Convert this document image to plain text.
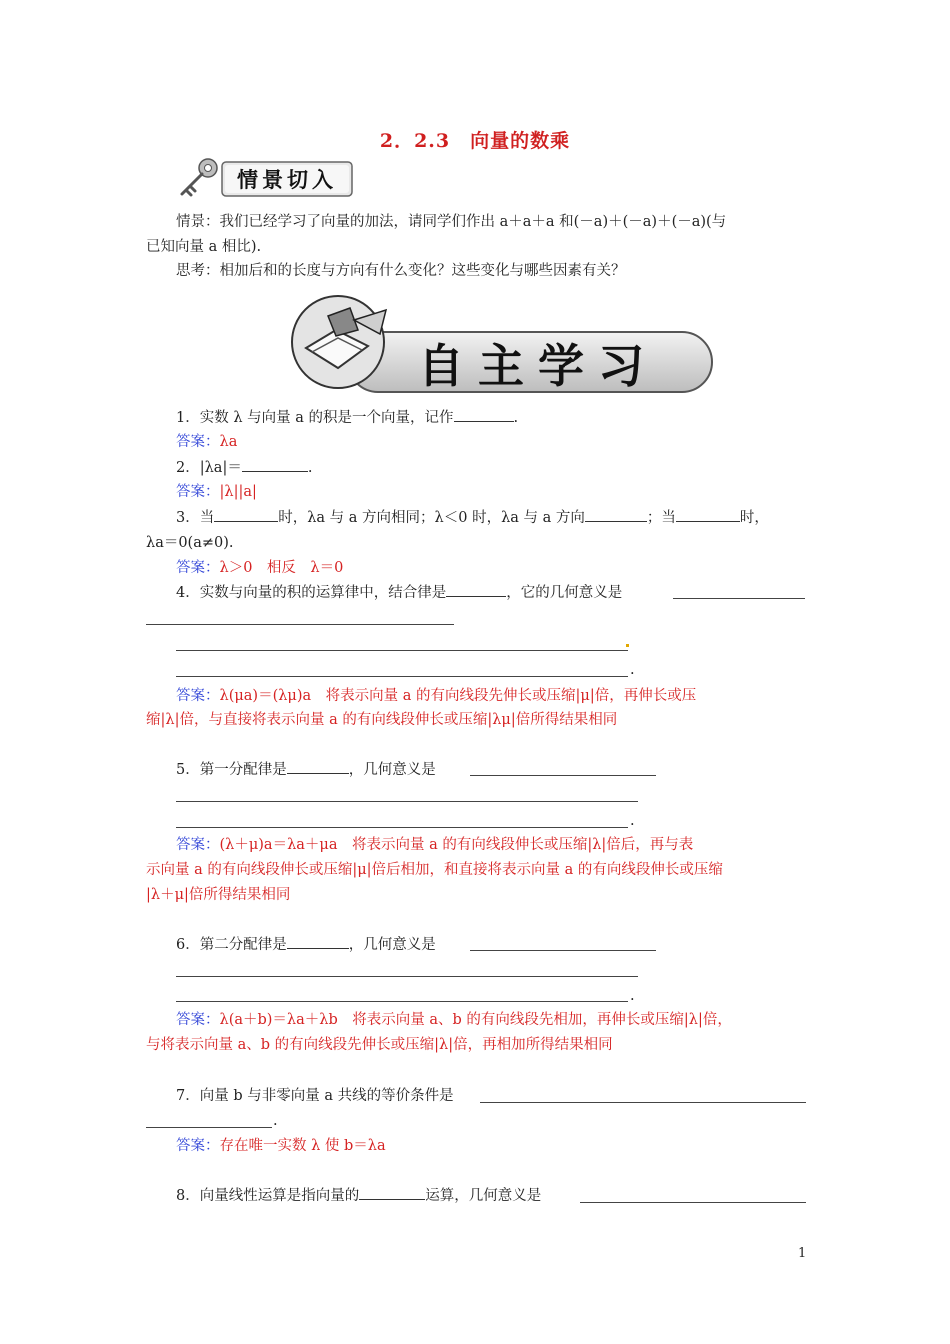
2．2.3　向量的数乘
情景切入
情景：我们已经学习了向量的加法，请同学们作出 a＋a＋a 和(－a)＋(－a)＋(－a)(与
已知向量 a 相比).
思考：相加后和的长度与方向有什么变化？这些变化与哪些因素有关？
自主学习
1．实数 λ 与向量 a 的积是一个向量，记作	.
答案：λa
2．|λa|＝	.
答案：|λ||a|
3．当	时，λa 与 a 方向相同；λ＜0 时，λa 与 a 方向	；当	时，
λa＝0(a≠0).
答案：λ＞0　相反　λ＝0
4．实数与向量的积的运算律中，结合律是	，它的几何意义是
.
答案：λ(μa)＝(λμ)a　将表示向量 a 的有向线段先伸长或压缩|μ|倍，再伸长或压
缩|λ|倍，与直接将表示向量 a 的有向线段伸长或压缩|λμ|倍所得结果相同
5．第一分配律是	，几何意义是
.
答案：(λ＋μ)a＝λa＋μa　将表示向量 a 的有向线段伸长或压缩|λ|倍后，再与表
示向量 a 的有向线段伸长或压缩|μ|倍后相加，和直接将表示向量 a 的有向线段伸长或压缩
|λ＋μ|倍所得结果相同
6．第二分配律是	，几何意义是
.
答案：λ(a＋b)＝λa＋λb　将表示向量 a、b 的有向线段先相加，再伸长或压缩|λ|倍，
与将表示向量 a、b 的有向线段先伸长或压缩|λ|倍，再相加所得结果相同
7．向量 b 与非零向量 a 共线的等价条件是
.
答案：存在唯一实数 λ 使 b＝λa
8．向量线性运算是指向量的	运算，几何意义是
1
